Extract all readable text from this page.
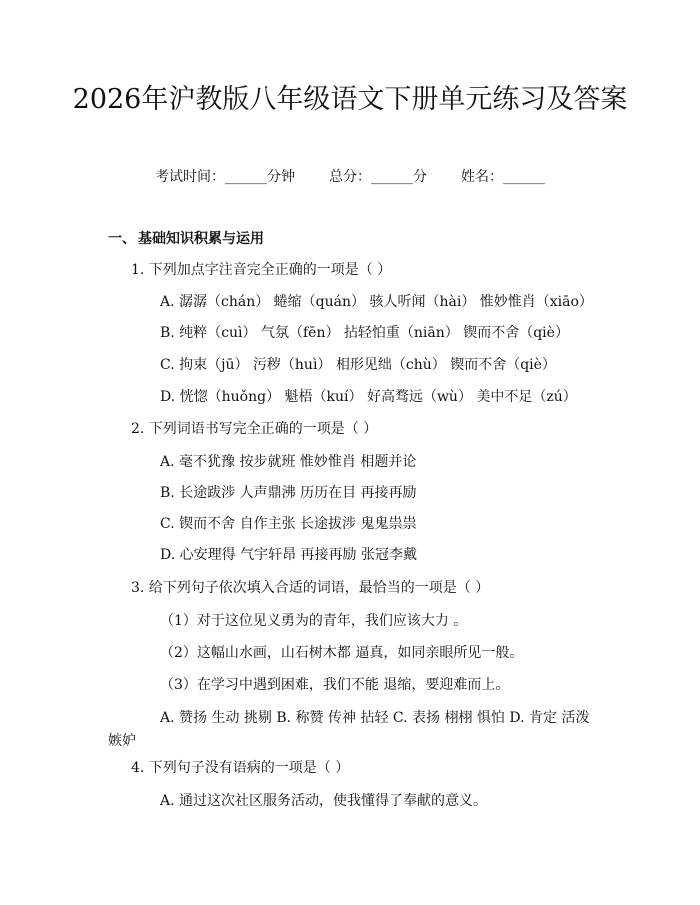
2026年沪教版八年级语文下册单元练习及答案
考试时间：______分钟 总分：______分 姓名：______
一、 基础知识积累与运用
1. 下列加点字注音完全正确的一项是（ ）
A. 潺潺（chán） 蜷缩（quán） 骇人听闻（hài） 惟妙惟肖（xiāo）
B. 纯粹（cuì） 气氛（fēn） 拈轻怕重（niān） 锲而不舍（qiè）
C. 拘束（jū） 污秽（huì） 相形见绌（chù） 锲而不舍（qiè）
D. 恍惚（huǒng） 魁梧（kuí） 好高骛远（wù） 美中不足（zú）
2. 下列词语书写完全正确的一项是（ ）
A. 毫不犹豫 按步就班 惟妙惟肖 相题并论
B. 长途跋涉 人声鼎沸 历历在目 再接再励
C. 锲而不舍 自作主张 长途拔涉 鬼鬼祟祟
D. 心安理得 气宇轩昂 再接再励 张冠李戴
3. 给下列句子依次填入合适的词语，最恰当的一项是（ ）
（1）对于这位见义勇为的青年，我们应该大力 。
（2）这幅山水画，山石树木都 逼真，如同亲眼所见一般。
（3）在学习中遇到困难，我们不能 退缩，要迎难而上。
A. 赞扬 生动 挑剔 B. 称赞 传神 拈轻 C. 表扬 栩栩 惧怕 D. 肯定 活泼 嫉妒
4. 下列句子没有语病的一项是（ ）
A. 通过这次社区服务活动，使我懂得了奉献的意义。
